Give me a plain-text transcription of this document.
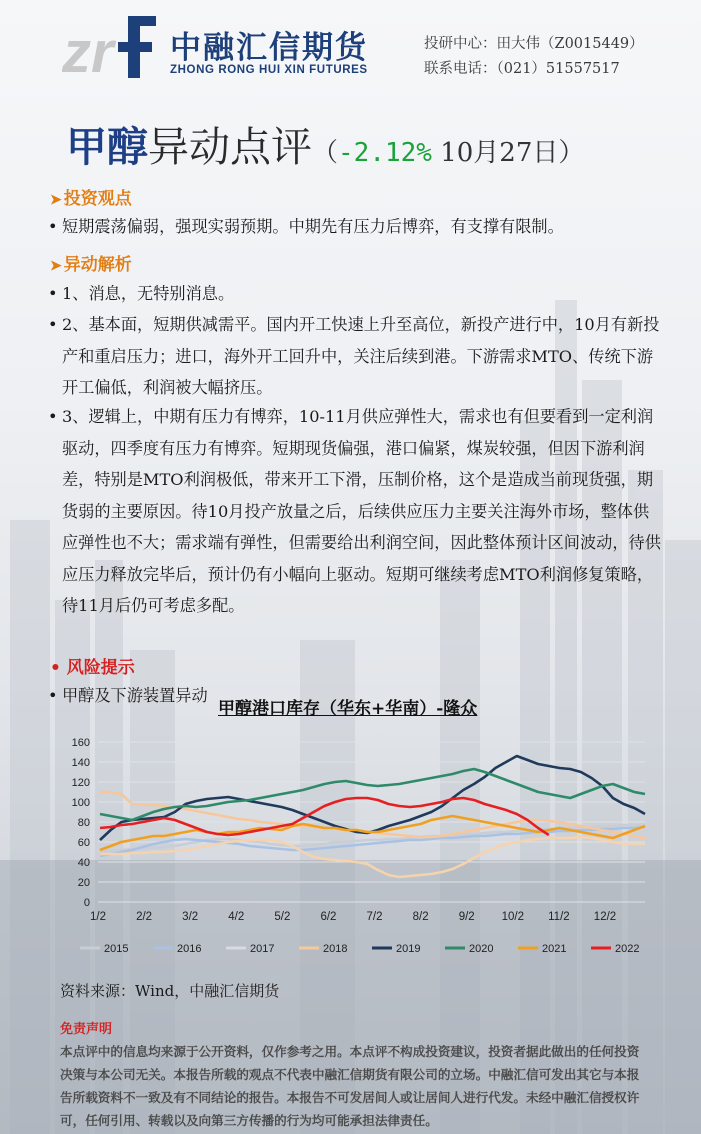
zr 中融汇信期货
ZHONG RONG HUI XIN FUTURES
投研中心：田大伟（Z0015449）
联系电话：（021）51557517
甲醇异动点评（-2.12% 10月27日）
➤ 投资观点
• 短期震荡偏弱，强现实弱预期。中期先有压力后博弈，有支撑有限制。
➤ 异动解析
• 1、消息，无特别消息。
• 2、基本面，短期供减需平。国内开工快速上升至高位，新投产进行中，10月有新投产和重启压力；进口，海外开工回升中，关注后续到港。下游需求MTO、传统下游开工偏低，利润被大幅挤压。
• 3、逻辑上，中期有压力有博弈，10-11月供应弹性大，需求也有但要看到一定利润驱动，四季度有压力有博弈。短期现货偏强，港口偏紧，煤炭较强，但因下游利润差，特别是MTO利润极低，带来开工下滑，压制价格，这个是造成当前现货强，期货弱的主要原因。待10月投产放量之后，后续供应压力主要关注海外市场，整体供应弹性也不大；需求端有弹性，但需要给出利润空间，因此整体预计区间波动，待供应压力释放完毕后，预计仍有小幅向上驱动。短期可继续考虑MTO利润修复策略，待11月后仍可考虑多配。
• 风险提示
• 甲醇及下游装置异动
甲醇港口库存（华东+华南）-隆众
0
20
40
60
80
100
120
140
160
1/2	2/2	3/2	4/2	5/2	6/2	7/2	8/2	9/2 10/2 11/2 12/2
2015	2016	2017	2018	2019	2020	2021	2022
资料来源：Wind，中融汇信期货
免责声明
本点评中的信息均来源于公开资料，仅作参考之用。本点评不构成投资建议，投资者据此做出的任何投资决策与本公司无关。本报告所载的观点不代表中融汇信期货有限公司的立场。中融汇信可发出其它与本报告所载资料不一致及有不同结论的报告。本报告不可发居间人或让居间人进行代发。未经中融汇信授权许可，任何引用、转载以及向第三方传播的行为均可能承担法律责任。
